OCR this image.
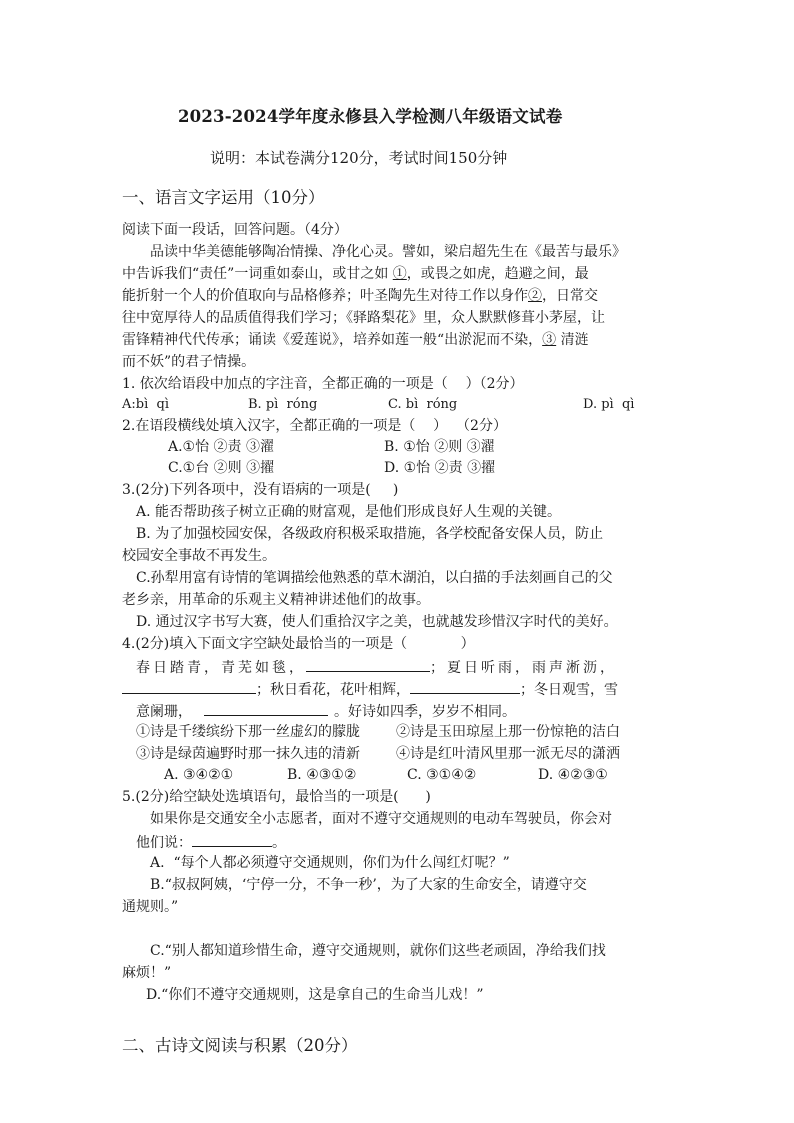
2023-2024学年度永修县入学检测八年级语文试卷
说明：本试卷满分120分，考试时间150分钟
一、语言文字运用（10分）
阅读下面一段话，回答问题。（4分）
品读中华美德能够陶冶情操、净化心灵。譬如，梁启超先生在《最苦与最乐》
中告诉我们“责任”一词重如泰山，或甘之如 ①，或畏之如虎，趋避之间，最
能折射一个人的价值取向与品格修养；叶圣陶先生对待工作以身作②，日常交
往中宽厚待人的品质值得我们学习；《驿路梨花》里，众人默默修葺小茅屋，让
雷锋精神代代传承；诵读《爱莲说》，培养如莲一般“出淤泥而不染，③ 清涟
而不妖”的君子情操。
1. 依次给语段中加点的字注音，全都正确的一项是（    ）（2分）
A:bì  qì	B. pì  róng	C. bì  róng	D. pì  qì
2.在语段横线处填入汉字，全都正确的一项是（    ）  （2分）
A.①怡 ②责 ③濯	B. ①怡 ②则 ③濯
C.①台 ②则 ③擢	D. ①怡 ②责 ③擢
3.(2分)下列各项中，没有语病的一项是(     )
A. 能否帮助孩子树立正确的财富观，是他们形成良好人生观的关键。
B. 为了加强校园安保，各级政府积极采取措施，各学校配备安保人员，防止
校园安全事故不再发生。
C.孙犁用富有诗情的笔调描绘他熟悉的草木湖泊，以白描的手法刻画自己的父
老乡亲，用革命的乐观主义精神讲述他们的故事。
D. 通过汉字书写大赛，使人们重拾汉字之美，也就越发珍惜汉字时代的美好。
4.(2分)填入下面文字空缺处最恰当的一项是（            ）
春日踏青，青芜如毯，	；夏日听雨，雨声淅沥，
；秋日看花，花叶相辉，	；冬日观雪，雪
意阑珊，	。好诗如四季，岁岁不相同。
①诗是千缕缤纷下那一丝虚幻的朦胧	②诗是玉田琼屋上那一份惊艳的洁白
③诗是绿茵遍野时那一抹久违的清新	④诗是红叶清风里那一派无尽的潇洒
A. ③④②①	B. ④③①②	C. ③①④②	D. ④②③①
5.(2分)给空缺处选填语句，最恰当的一项是(      )
如果你是交通安全小志愿者，面对不遵守交通规则的电动车驾驶员，你会对
他们说：	。
A.  “每个人都必须遵守交通规则，你们为什么闯红灯呢？”
B.“叔叔阿姨，‘宁停一分，不争一秒’，为了大家的生命安全，请遵守交
通规则。”
C.“别人都知道珍惜生命，遵守交通规则，就你们这些老顽固，净给我们找
麻烦！”
D.“你们不遵守交通规则，这是拿自己的生命当儿戏！”
二、古诗文阅读与积累（20分）
